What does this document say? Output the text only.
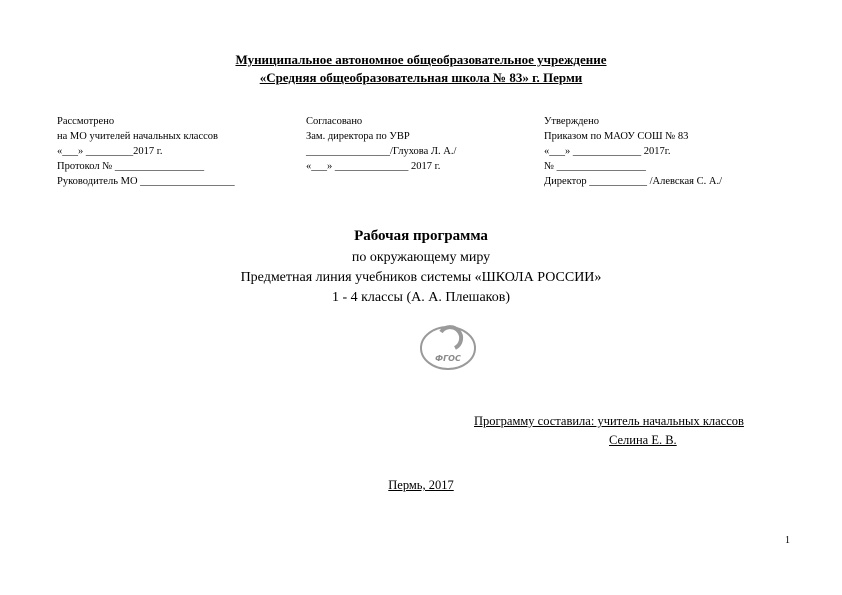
Муниципальное автономное общеобразовательное учреждение
«Средняя общеобразовательная школа № 83» г. Перми
Рассмотрено
на МО учителей начальных классов
«___» _________2017 г.
Протокол № _________________
Руководитель МО __________________
Согласовано
Зам. директора по УВР
________________/Глухова Л. А./
«___» ______________ 2017 г.
Утверждено
Приказом по МАОУ СОШ № 83
«___» _____________ 2017г.
№ _________________
Директор ___________ /Алевская С. А./
Рабочая программа
по окружающему миру
Предметная линия учебников системы «ШКОЛА РОССИИ»
1 - 4 классы (А. А. Плешаков)
ФГОС
Программу составила: учитель начальных классов
Селина Е. В.
Пермь, 2017
1
